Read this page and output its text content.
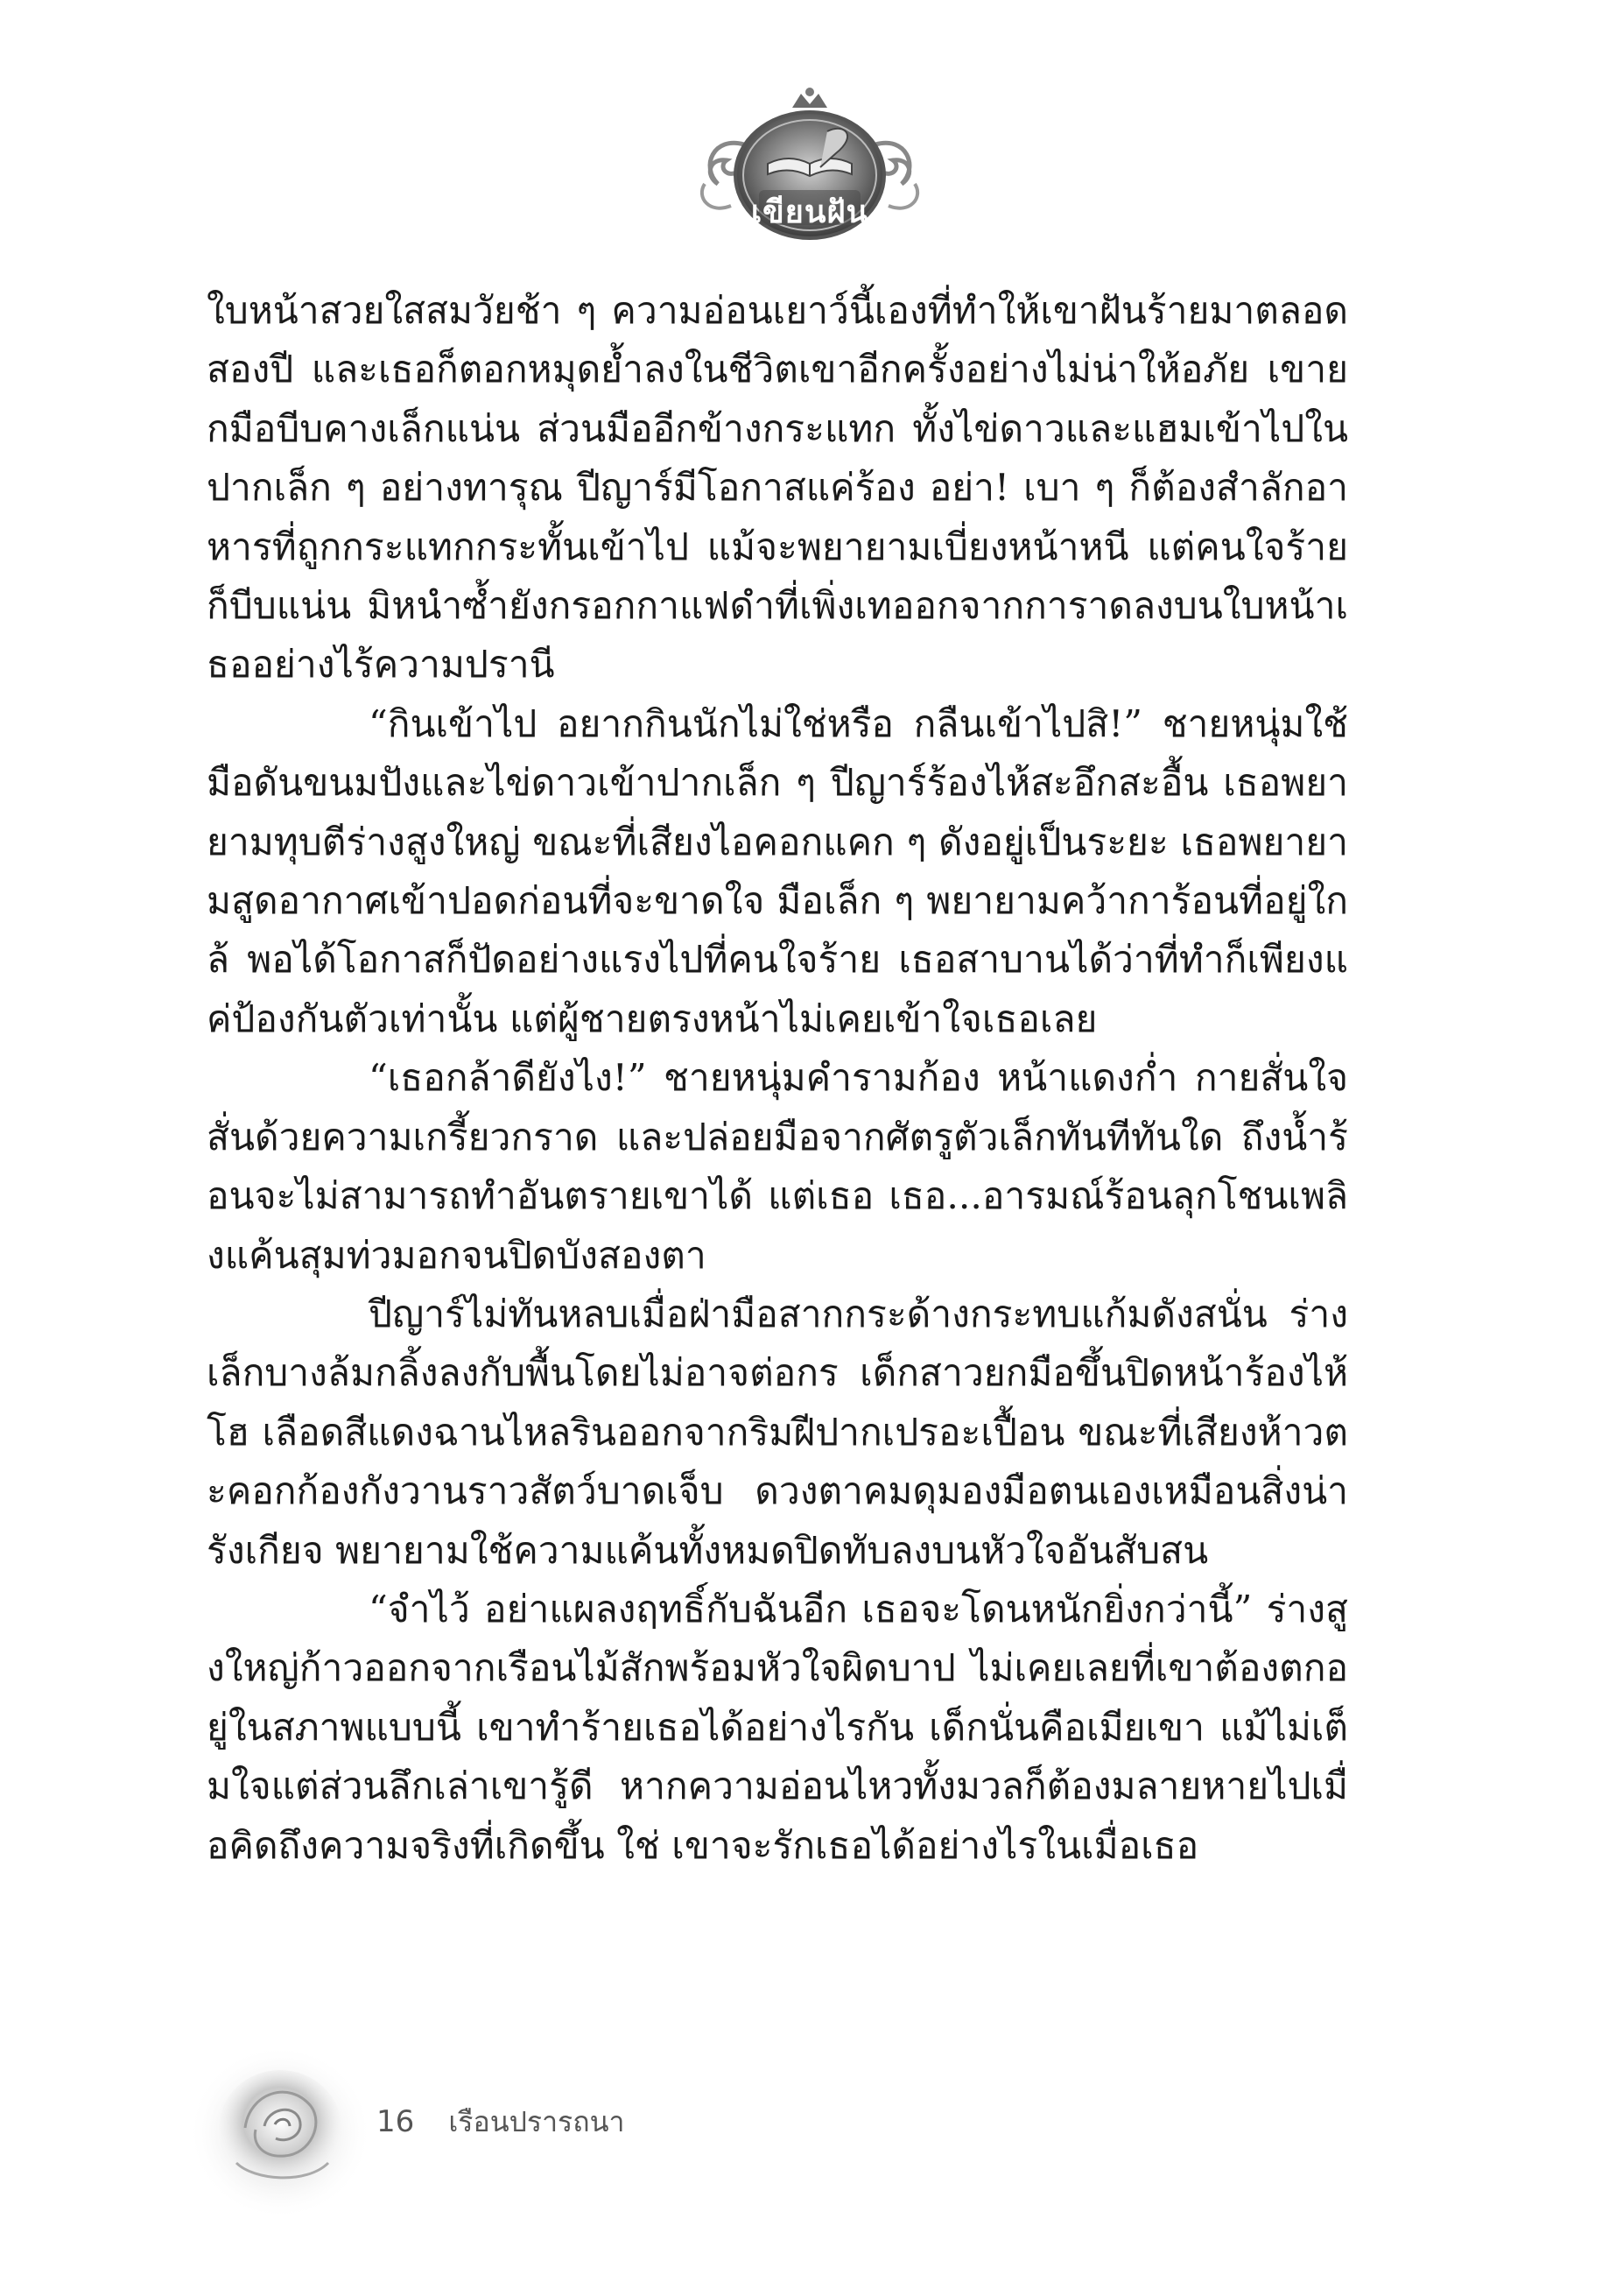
เขียนฝัน

ใบหน้าสวยใสสมวัยช้า ๆ ความอ่อนเยาว์นี้เองที่ทำให้เขาฝันร้ายมาตลอดสองปี และเธอก็ตอกหมุดย้ำลงในชีวิตเขาอีกครั้งอย่างไม่น่าให้อภัย เขายกมือบีบคางเล็กแน่น ส่วนมืออีกข้างกระแทก ทั้งไข่ดาวและแฮมเข้าไปในปากเล็ก ๆ อย่างทารุณ ปีญาร์มีโอกาสแค่ร้อง อย่า! เบา ๆ ก็ต้องสำลักอาหารที่ถูกกระแทกกระทั้นเข้าไป แม้จะพยายามเบี่ยงหน้าหนี แต่คนใจร้ายก็บีบแน่น มิหนำซ้ำยังกรอกกาแฟดำที่เพิ่งเทออกจากการาดลงบนใบหน้าเธออย่างไร้ความปรานี

“กินเข้าไป อยากกินนักไม่ใช่หรือ กลืนเข้าไปสิ!” ชายหนุ่มใช้มือดันขนมปังและไข่ดาวเข้าปากเล็ก ๆ ปีญาร์ร้องไห้สะอึกสะอื้น เธอพยายามทุบตีร่างสูงใหญ่ ขณะที่เสียงไอคอกแคก ๆ ดังอยู่เป็นระยะ เธอพยายามสูดอากาศเข้าปอดก่อนที่จะขาดใจ มือเล็ก ๆ พยายามคว้าการ้อนที่อยู่ใกล้ พอได้โอกาสก็ปัดอย่างแรงไปที่คนใจร้าย เธอสาบานได้ว่าที่ทำก็เพียงแค่ป้องกันตัวเท่านั้น แต่ผู้ชายตรงหน้าไม่เคยเข้าใจเธอเลย

“เธอกล้าดียังไง!” ชายหนุ่มคำรามก้อง หน้าแดงก่ำ กายสั่นใจสั่นด้วยความเกรี้ยวกราด และปล่อยมือจากศัตรูตัวเล็กทันทีทันใด ถึงน้ำร้อนจะไม่สามารถทำอันตรายเขาได้ แต่เธอ เธอ...อารมณ์ร้อนลุกโชนเพลิงแค้นสุมท่วมอกจนปิดบังสองตา

ปีญาร์ไม่ทันหลบเมื่อฝ่ามือสากกระด้างกระทบแก้มดังสนั่น ร่างเล็กบางล้มกลิ้งลงกับพื้นโดยไม่อาจต่อกร เด็กสาวยกมือขึ้นปิดหน้าร้องไห้โฮ เลือดสีแดงฉานไหลรินออกจากริมฝีปากเปรอะเปื้อน ขณะที่เสียงห้าวตะคอกก้องกังวานราวสัตว์บาดเจ็บ ดวงตาคมดุมองมือตนเองเหมือนสิ่งน่ารังเกียจ พยายามใช้ความแค้นทั้งหมดปิดทับลงบนหัวใจอันสับสน

“จำไว้ อย่าแผลงฤทธิ์กับฉันอีก เธอจะโดนหนักยิ่งกว่านี้” ร่างสูงใหญ่ก้าวออกจากเรือนไม้สักพร้อมหัวใจผิดบาป ไม่เคยเลยที่เขาต้องตกอยู่ในสภาพแบบนี้ เขาทำร้ายเธอได้อย่างไรกัน เด็กนั่นคือเมียเขา แม้ไม่เต็มใจแต่ส่วนลึกเล่าเขารู้ดี หากความอ่อนไหวทั้งมวลก็ต้องมลายหายไปเมื่อคิดถึงความจริงที่เกิดขึ้น ใช่ เขาจะรักเธอได้อย่างไรในเมื่อเธอ

16 เรือนปรารถนา
